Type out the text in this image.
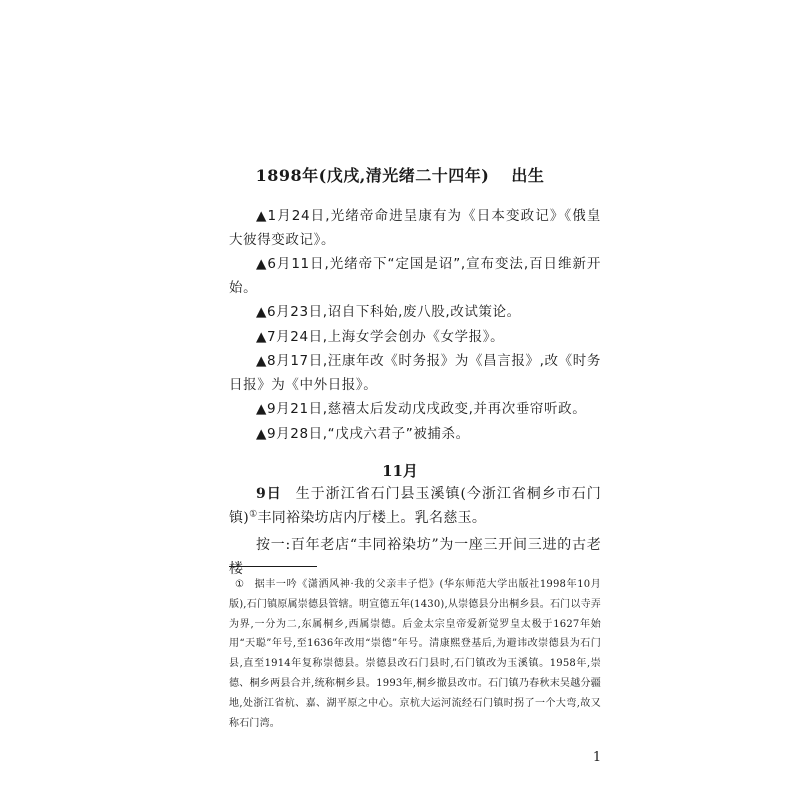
1898年(戊戌,清光绪二十四年) 出生

▲1月24日,光绪帝命进呈康有为《日本变政记》《俄皇大彼得变政记》。

▲6月11日,光绪帝下“定国是诏”,宣布变法,百日维新开始。

▲6月23日,诏自下科始,废八股,改试策论。

▲7月24日,上海女学会创办《女学报》。

▲8月17日,汪康年改《时务报》为《昌言报》,改《时务日报》为《中外日报》。

▲9月21日,慈禧太后发动戊戌政变,并再次垂帘听政。

▲9月28日,“戊戌六君子”被捕杀。

11月

9日 生于浙江省石门县玉溪镇(今浙江省桐乡市石门镇)①丰同裕染坊店内厅楼上。乳名慈玉。

按一:百年老店“丰同裕染坊”为一座三开间三进的古老楼

① 据丰一吟《潇洒风神·我的父亲丰子恺》(华东师范大学出版社1998年10月版),石门镇原属崇德县管辖。明宣德五年(1430),从崇德县分出桐乡县。石门以寺弄为界,一分为二,东属桐乡,西属崇德。后金太宗皇帝爱新觉罗皇太极于1627年始用“天聪”年号,至1636年改用“崇德”年号。清康熙登基后,为避讳改崇德县为石门县,直至1914年复称崇德县。崇德县改石门县时,石门镇改为玉溪镇。1958年,崇德、桐乡两县合并,统称桐乡县。1993年,桐乡撤县改市。石门镇乃春秋末吴越分疆地,处浙江省杭、嘉、湖平原之中心。京杭大运河流经石门镇时拐了一个大弯,故又称石门湾。
1
